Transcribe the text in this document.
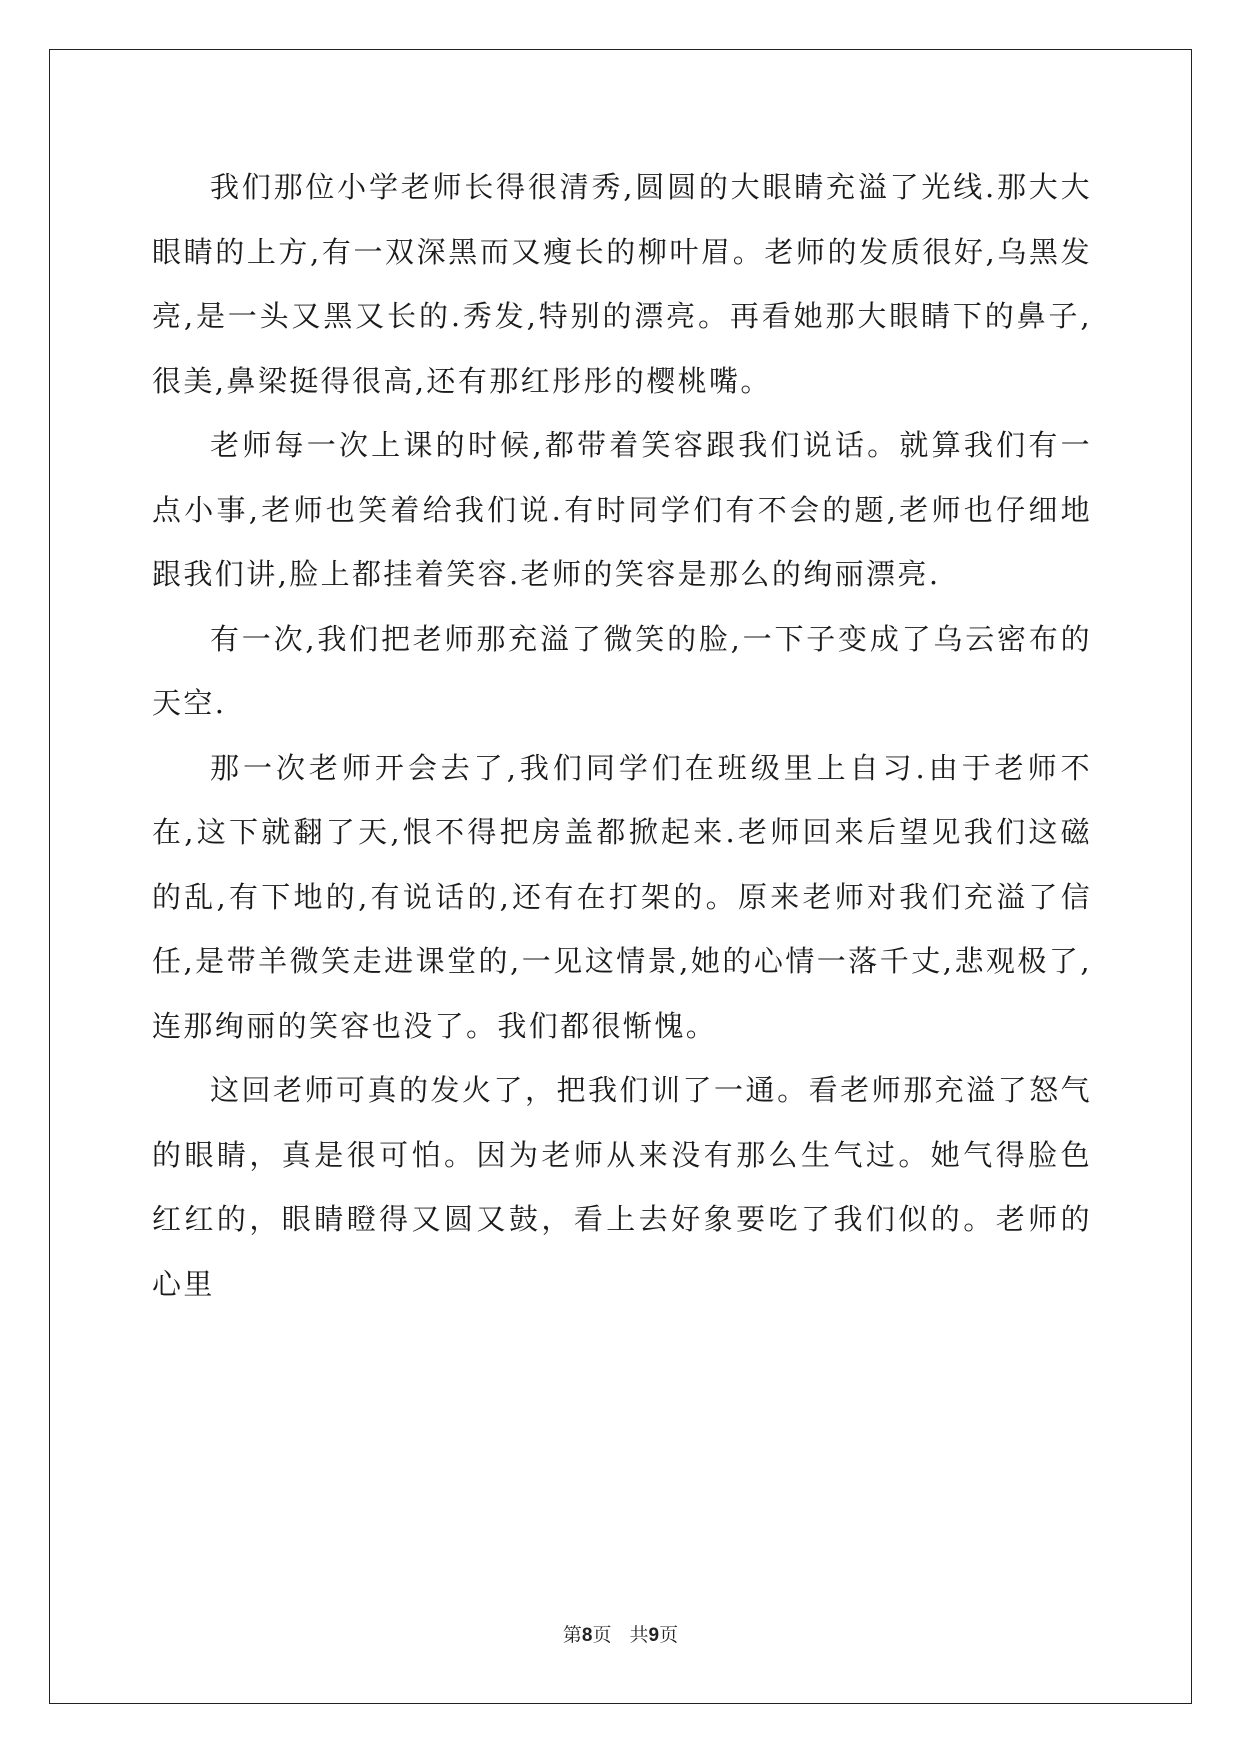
我们那位小学老师长得很清秀,圆圆的大眼睛充溢了光线.那大大眼睛的上方,有一双深黑而又瘦长的柳叶眉。老师的发质很好,乌黑发亮,是一头又黑又长的.秀发,特别的漂亮。再看她那大眼睛下的鼻子,很美,鼻梁挺得很高,还有那红彤彤的樱桃嘴。

老师每一次上课的时候,都带着笑容跟我们说话。就算我们有一点小事,老师也笑着给我们说.有时同学们有不会的题,老师也仔细地跟我们讲,脸上都挂着笑容.老师的笑容是那么的绚丽漂亮.

有一次,我们把老师那充溢了微笑的脸,一下子变成了乌云密布的天空.

那一次老师开会去了,我们同学们在班级里上自习.由于老师不在,这下就翻了天,恨不得把房盖都掀起来.老师回来后望见我们这磁的乱,有下地的,有说话的,还有在打架的。原来老师对我们充溢了信任,是带羊微笑走进课堂的,一见这情景,她的心情一落千丈,悲观极了,连那绚丽的笑容也没了。我们都很惭愧。

这回老师可真的发火了，把我们训了一通。看老师那充溢了怒气的眼睛，真是很可怕。因为老师从来没有那么生气过。她气得脸色红红的，眼睛瞪得又圆又鼓，看上去好象要吃了我们似的。老师的心里

第8页 共9页
